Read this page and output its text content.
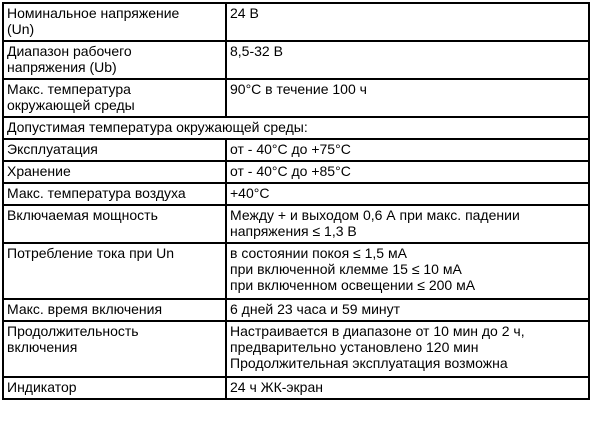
Номинальное напряжение
(Un)	24 В
Диапазон рабочего
напряжения (Ub)	8,5-32 В
Макс. температура
окружающей среды	90°C в течение 100 ч
Допустимая температура окружающей среды:	
Эксплуатация	от - 40°C до +75°C
Хранение	от - 40°C до +85°C
Макс. температура воздуха	+40°C
Включаемая мощность	Между + и выходом 0,6 А при макс. падении
напряжения ≤ 1,3 В
Потребление тока при Un	в состоянии покоя ≤ 1,5 мА
при включенной клемме 15 ≤ 10 мА
при включенном освещении ≤ 200 мА
Макс. время включения	6 дней 23 часа и 59 минут
Продолжительность
включения	Настраивается в диапазоне от 10 мин до 2 ч,
предварительно установлено 120 мин
Продолжительная эксплуатация возможна
Индикатор	24 ч ЖК-экран
